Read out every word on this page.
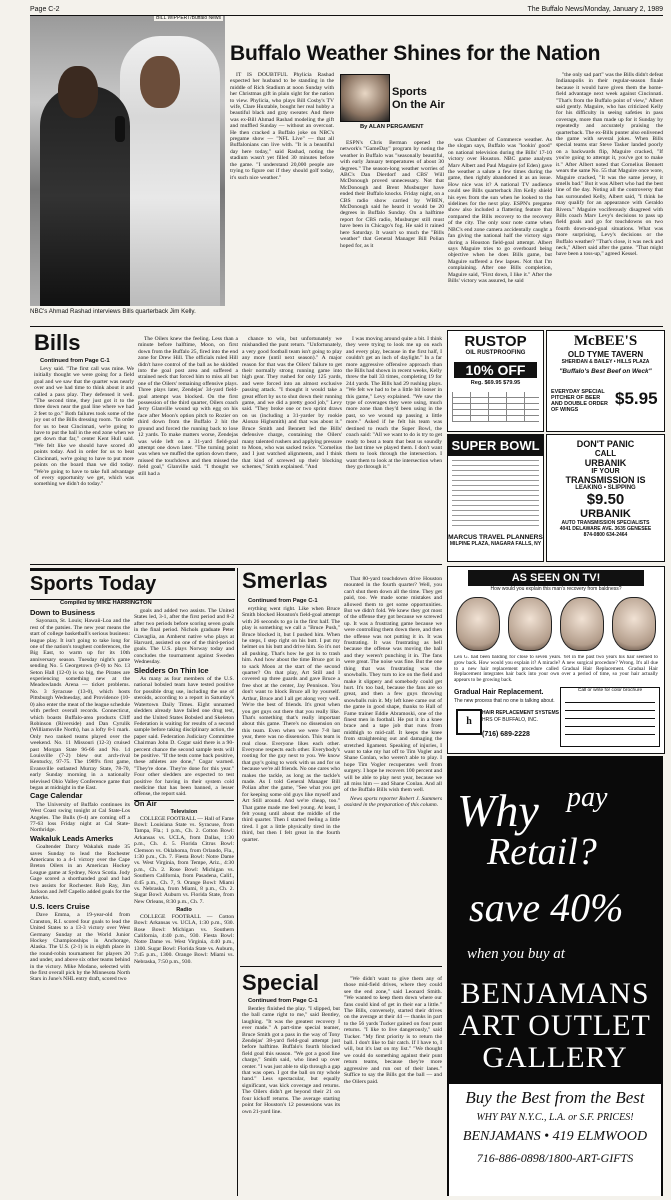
Page C-2	The Buffalo News/Monday, January 2, 1989
BILL WIPPERT/Buffalo News
NBC's Ahmad Rashad interviews Bills quarterback Jim Kelly.
Buffalo Weather Shines for the Nation

IT IS DOUBTFUL Phylicia Rashad expected her husband to be standing in the middle of Rich Stadium at noon Sunday with her Christmas gift in plain sight for the nation to view. Phylicia, who plays Bill Cosby's TV wife, Clare Huxtable, bought her real hubby a beautiful black and gray sweater. And there was ex-Bill Ahmad Rashad modeling the gift and muffled Sunday — without an overcoat. He then cracked a Buffalo joke on NBC's pregame show — "NFL Live" — that all Buffalonians can live with. "It is a beautiful day here today," said Rashad, noting the stadium wasn't yet filled 30 minutes before the game. "I understand 20,000 people are trying to figure out if they should golf today, it's such nice weather."

Sports
On the Air
By ALAN PERGAMENT

ESPN's Chris Berman opened the network's "GameDay" program by noting the weather in Buffalo was "seasonally beautiful, with early January temperatures of about 30 degrees." The season-long weather worries of ABC's Dan Dierdorf and CBS' Will McDonough proved unnecessary. Not that McDonough and Brent Musburger have ended their Buffalo knocks. Friday night, on a CBS radio show carried by WBEN, McDonough said he heard it would be 20 degrees in Buffalo Sunday. On a halftime report for CBS radio, Musburger still must have been in Chicago's fog. He said it rained here Saturday. It wasn't so much the "Bills weather" that General Manager Bill Polian hoped for, as it

was Chamber of Commerce weather. As the slogan says, Buffalo was "lookin' good" on national television during the Bills' 17-10 victory over Houston. NBC game analysts Marv Albert and Paul Maguire (of Eden) gave the weather a salute a few times during the game, then rightly abandoned it as an issue. How nice was it? A national TV audience could see Bills quarterback Jim Kelly shield his eyes from the sun when he looked to the sidelines for the next play. ESPN's pregame show also included a flattering feature that compared the Bills recovery to the recovery of the city. The only sour note came when NBC's end zone camera accidentally caught a fan giving the national half the victory sign during a Houston field-goal attempt. Albert says Maguire tries to go overboard being objective when he does Bills game, but Maguire suffered a few lapses. Not that I'm complaining. After one Bills completion, Maguire said, "First down, I like it." After the Bills' victory was assured, he said

"the only sad part" was the Bills didn't defeat Indianapolis in their regular-season finale because it would have given them the home-field advantage next week against Cincinnati. "That's from the Buffalo point of view," Albert said gently. Maguire, who has criticized Kelly for his difficulty in seeing safeties in pass coverage, more than made up for it Sunday by repeatedly and accurately praising the quarterback. The ex-Bills punter also enlivened the game with several jokes. When Bills special teams star Steve Tasker landed poorly on a backwards flip, Maguire cracked, "If you're going to attempt it, you've got to make it." After Albert noted that Cornelius Bennett wears the same No. 55 that Maguire once wore, Maguire cracked, "It was the same jersey, it smells bad." But it was Albert who had the best line of the day. Noting all the controversy that has surrounded Kelly, Albert said, "I think he may qualify for an appearance with Geraldo Rivera." Maguire vociferously disagreed with Bills coach Marv Levy's decisions to pass up field goals and go for touchdowns on two fourth down-and-goal situations. What was more surprising, Levy's decisions or the Buffalo weather? "That's close, it was neck and neck," Albert said after the game. "That might have been a toss-up," agreed Kessel.

Bills
Continued from Page C-1

Levy said. "The first call was mine. We initially thought we were going for a field goal and we saw that the quarter was nearly over and we had time to think about it and called a pass play. They defensed it well. "The second time, they just got it to the three down near the goal line where we had 2 feet to go." Both failures took some of the joy out of the Bills dressing room. "In order for us to beat Cincinnati, we're going to have to put the ball in the end zone when we get down that far," center Kent Hull said. "We felt like we should have scored 40 points today. And in order for us to beat Cincinnati, we're going to have to put more points on the board than we did today. "We're going to have to take full advantage of every opportunity we get, which was something we didn't do today."

The Oilers knew the feeling. Less than a minute before halftime, Moon, on first down from the Buffalo 25, fired into the end zone for Drew Hill. The officials ruled Hill didn't have control of the ball as he skidded into the goal post area and suffered a strained neck that forced him to miss all but one of the Oilers' remaining offensive plays. Three plays later, Zendejas' 34-yard field-goal attempt was blocked. On the first possession of the third quarter, Oilers coach Jerry Glanville wound up with egg on his face after Moon's option pitch to Rozier on third down from the Buffalo 2 hit the ground and forced the running back to lose 12 yards. To make matters worse, Zendejas was wide left on a 31-yard field-goal attempt one down later. "The turning point was when we muffed the option down there, missed the touchdown and then missed the field goal," Glanville said. "I thought we still had a

chance to win, but unfortunately we mishandled the punt return. "Unfortunately, a very good football team isn't going to play any more (until next season)." A major reason for that was the Oilers' failure to get their normally strong running game into high gear. They rushed for only 125 yards, and were forced into an almost exclusive passing attack. "I thought it would take a great effort by us to shut down their running game, and we did a pretty good job," Levy said. "They broke one or two sprint draws on us (including a 31-yarder by rookie Alonzo Highsmith) and that was about it." Bruce Smith and Bennett led the Bills' defensive charge, containing the Oilers' many talented rushers and applying pressure to Moon, who was sacked twice. "Cornelius and I just watched alignments, and I think that kind of screwed up their blocking schemes," Smith explained. "And

I was moving around quite a bit. I think they were trying to look me up on each and every play, because in the first half, I couldn't get an inch of daylight." In a far more aggressive offensive approach than the Bills had shown in recent weeks, Kelly threw the ball 33 times, completing 19 for 244 yards. The Bills had 29 rushing plays. "We felt we had to be a little bit looser in this game," Levy explained. "We saw the type of coverages they were using, much more zone than they'd been using in the past, so we wound up passing a little more." Asked if he felt his team was destined to reach the Super Bowl, the coach said: "All we want to do is try to get ready to beat a team that beat us soundly the last time we played them. I don't want them to look through the intersection. I want them to look at the intersection when they go through it."

RUSTOP
OIL RUSTPROOFING
10% OFF
Reg. $69.95 $79.95
McBEE'S
OLD TYME TAVERN
SHERIDAN & BAILEY • HILLS PLAZA
"Buffalo's Best Beef on Weck"
EVERYDAY SPECIAL PITCHER OF BEER AND DOUBLE ORDER OF WINGS
$5.95
SUPER BOWL
MARCUS TRAVEL PLANNERS
MILPINE PLAZA, NIAGARA FALLS, NY
DON'T PANIC
CALL
URBANIK
IF YOUR
TRANSMISSION IS
LEAKING • SLIPPING
$9.50
URBANIK
AUTO TRANSMISSION SPECIALISTS
4041 DELAWARE AVE. 3635 GENESEE
874-0800 634-2464
Sports Today
Compiled by MIKE HARRINGTON
Down to Business

Sayonara, St. Louis; Hawaii-Loa and the rest of the patsies. The new year means the start of college basketball's serious business: league play. It isn't going to take long for one of the nation's toughest conferences, the Big East, to warm up for its 10th anniversary season. Tuesday night's game sending No. 5 Georgetown (9-0) to No. 13 Seton Hall (12-0) is so big, the Pirates are experiencing something new at the Meadowlands Arena — ticket problems. No. 3 Syracuse (13-0), which hosts Pittsburgh Wednesday, and Providence (10-0) also enter the meat of the league schedule with perfect overall records. Connecticut, which boasts Buffalo-area products Cliff Robinson (Riverside) and Dan Cyrulik (Williamsville North), has a lofty 8-1 mark. Only two ranked teams played over the weekend. No. 11 Missouri (12-3) cruised past Morgan State 96-66 and No. 14 Louisville (7-2) blew out arch-rival Kentucky, 97-75. The 1989's first game, Evansville outlasted Murray State, 78-70, early Sunday morning in a nationally televised Ohio Valley Conference game that began at midnight in the East.

Cage Calendar

The University of Buffalo continues its West Coast swing tonight at Cal State-Los Angeles. The Bulls (6-4) are coming off a 77-63 loss Friday night at Cal State-Northridge.

Wakaluk Leads Amerks

Goaltender Darcy Wakaluk made 35 saves Sunday to lead the Rochester Americans to a 4-1 victory over the Cape Breton Oilers in an American Hockey League game at Sydney, Nova Scotia. Jody Gage scored a shorthanded goal and had two assists for Rochester. Rob Ray, Jim Jackson and Jeff Capello added goals for the Amerks.

U.S. Icers Cruise

Dave Emma, a 19-year-old from Cranston, R.I. scored four goals to lead the United States to a 13-3 victory over West Germany Sunday at the World Junior Hockey Championships in Anchorage, Alaska. The U.S. (2-1) is in eighth place in the round-robin tournament for players 20 and under, and above six other teams behind in the victory. Mike Modano, selected with the first overall pick by the Minnesota North Stars in June's NHL entry draft, scored two

goals and added two assists. The United States led, 3-1, after the first period and 8-2 after two periods before scoring seven goals in the final period. Nichols graduate Peter Ciavaglia, an Amherst native who plays at Harvard, assisted on one of the third-period goals. The U.S. plays Norway today and concludes the tournament against Sweden Wednesday.

Sledders On Thin Ice

As many as four members of the U.S. national bobsled team have tested positive for possible drug use, including the use of steroids, according to a report in Saturday's Watertown Daily Times. Eight unnamed sledders already have failed one drug test, and the United States Bobsled and Skeleton Federation is waiting for results of a second sample before taking disciplinary action, the paper said. Federation Judiciary Committee Chairman John D. Cogar said there is a 90-percent chance the second sample tests will be positive. "If the tests come back positive, these athletes are done," Cogar warned. "They're done. They're done for this year." Four other sledders are expected to test positive for having in their system cold medicine that has been banned, a lesser offense, the report said.

On Air
Television

COLLEGE FOOTBALL — Hall of Fame Bowl: Louisiana State vs. Syracuse, from Tampa, Fla.; 1 p.m., Ch. 2. Cotton Bowl: Arkansas vs. UCLA, from Dallas, 1:30 p.m., Ch. 4. 5. Florida Citrus Bowl: Clemson vs. Oklahoma, from Orlando, Fla., 1:30 p.m., Ch. 7. Fiesta Bowl: Notre Dame vs. West Virginia, from Tempe, Ariz., 4:30 p.m., Ch. 2. Rose Bowl: Michigan vs. Southern California, from Pasadena, Calif., 4:45 p.m., Ch. 7, 9. Orange Bowl: Miami vs. Nebraska, from Miami, 8 p.m., Ch. 2. Sugar Bowl: Auburn vs. Florida State, from New Orleans, 8:30 p.m., Ch. 7.

Radio

COLLEGE FOOTBALL — Cotton Bowl: Arkansas vs. UCLA, 1:30 p.m., 930. Rose Bowl: Michigan vs. Southern California, 4:40 p.m., 930. Fiesta Bowl: Notre Dame vs. West Virginia, 4:40 p.m., 1300. Sugar Bowl: Florida State vs. Auburn, 7:45 p.m., 1300. Orange Bowl: Miami vs. Nebraska, 7:50 p.m., 930.

Smerlas
Continued from Page C-1

erything went right. Like when Bruce Smith blocked Houston's field-goal attempt with 26 seconds to go in the first half. The play is something we call a "Bruce Push," Bruce blocked it, but I pushed him. When he steps, I step right on his butt. I put my helmet on his butt and drive him. So it's not all pushing. That's how he got in to trash him. And how about the time Bruce got in to sack Moon at the start of the second quarter? On that play, Art Still and I covered up three guards and gave Bruce a free shot at the center, Jay Pennison. You don't want to block Bruce all by yourself. Arthur, Bruce and I all get along very well. We're the best of friends. It's great when you get guys out there that you really like. That's something that's really important about this game. There's no dissension on this team. Even when we were 7-8 last year, there was no dissension. This team is real close. Everyone likes each other. Everyone respects each other. Everybody's rooting for the guy next to you. We know that guy's going to work with us and for us because we're all friends. No one cares who makes the tackle, as long as the tackle's made. As I told General Manager Bill Polian after the game, "See what you get for keeping some old guys like myself and Art Still around. And we're cheap, too." That game made me feel young. At least, I felt young until about the middle of the third quarter. Then I started feeling a little tired. I got a little physically tired in the third, but then I felt great in the fourth quarter.

That 80-yard touchdown drive Houston mounted in the fourth quarter? Well, you can't shut them down all the time. They get paid, too. We made some mistakes and allowed them to get some opportunities. But we didn't fold. We knew they got most of the offense they got because we screwed up. It was a frustrating game because we were controlling them down there, and then the offense was not putting it in. It was frustrating. It was frustrating as hell because the offense was moving the ball and they weren't punching it in. The fans were great. The noise was fine. But the one thing that was frustrating was the snowballs. They turn to ice on the field and make it slippery and somebody could get hurt. It's too bad, because the fans are so great, and then a few guys throwing snowballs ruin it. My left knee came out of the game in good shape, thanks to Hall of Fame trainer Eddie Abramoski, one of the finest men in football. He put it in a knee brace and a tape job that runs from midthigh to mid-calf. It keeps the knee from straightening out and damaging the stretched ligament. Speaking of injuries, I want to take my hat off to Tim Vogler and Shane Conlan, who weren't able to play. I hope Tim Vogler recuperates well from surgery. I hope he recovers 100 percent and will be able to play next year, because we all miss him — and Shane Conlan. And all of the Buffalo Bills wish them well.

News sports reporter Robert J. Summers assisted in the preparation of this column.

Special
Continued from Page C-1

Bentley finished the play. "I slipped, but the ball came right to me," said Bentley, laughing. "It was the greatest recovery I ever made." A part-time special teamer, Bruce Smith got a pass in the way of Tony Zendejas' 38-yard field-goal attempt just before halftime. Buffalo's fourth blocked field goal this season. "We got a good line charge," Smith said, who lined up over center. "I was just able to slip through a gap that was open. I got the ball on my whole hand." Less spectacular, but equally significant, was kick coverage and returns. The Oilers didn't get beyond their 21 on four kickoff returns. The average starting point for Houston's 12 possessions was its own 21-yard line.

"We didn't want to give them any of those mid-field drives, where they could see the end zone," said Leonard Smith. "We wanted to keep them down where our fans could kind of get in their ear a little." The Bills, conversely, started their drives on the average at their 44 — thanks in part to the 56 yards Tucker gained on four punt returns. "I like to live dangerously," said Tucker. "My first priority is to return the ball. I don't like to fair catch. If I have to, I will, but it's last on my list." "We thought we could do something against their punt return teams, because they're more aggressive and run out of their lanes." Suffice to say the Bills got the ball — and the Oilers paid.

AS SEEN ON TV!
How would you explain this man's recovery from baldness?
Len G. had been balding for close to seven years. Yet in the past two years his hair seemed to grow back. How would you explain it? A miracle? A new surgical procedure? Wrong. It's all due to a new hair replacement procedure called Gradual Hair Replacement. Gradual Hair Replacement integrates hair back into your own over a period of time, so your hair actually appears to be growing back.
Gradual Hair Replacement.
The new process that no one is talking about.
h
HAIR REPLACEMENT SYSTEMS
HRS OF BUFFALO, INC.
(716) 689-2228
Call or write for color brochure
Why pay
Retail?
save 40%
when you buy at
BENJAMANS ART OUTLET GALLERY
Buy the Best from the Best
WHY PAY N.Y.C., L.A. or S.F. PRICES!
BENJAMANS • 419 ELMWOOD
716-886-0898/1800-ART-GIFTS
